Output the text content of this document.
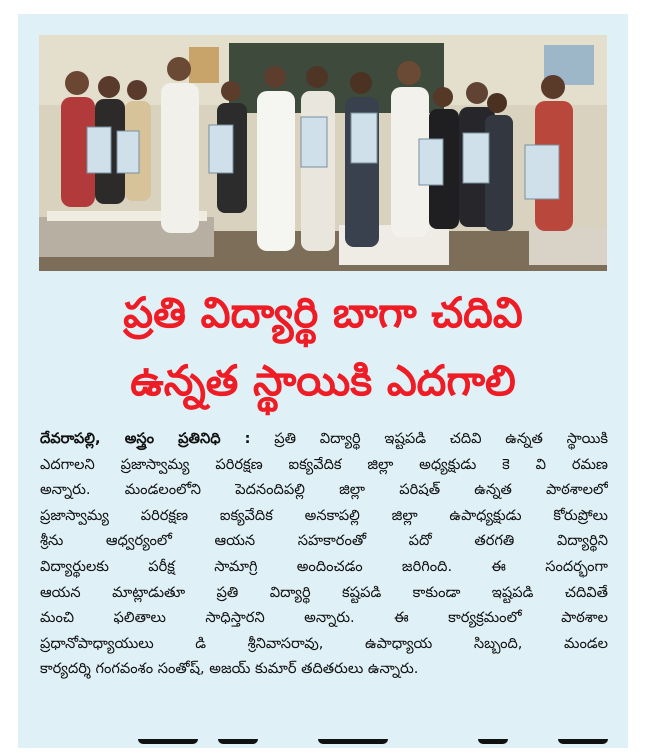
ప్రతి విద్యార్థి బాగా చదివి
ఉన్నత స్థాయికి ఎదగాలి
దేవరాపల్లి, అస్త్రం ప్రతినిధి : ప్రతి విద్యార్థి ఇష్టపడి చదివి ఉన్నత స్థాయికి
ఎదగాలని ప్రజాస్వామ్య పరిరక్షణ ఐక్యవేదిక జిల్లా అధ్యక్షుడు కె వి రమణ
అన్నారు. మండలంలోని పెదనందిపల్లి జిల్లా పరిషత్ ఉన్నత పాఠశాలలో
ప్రజాస్వామ్య పరిరక్షణ ఐక్యవేదిక అనకాపల్లి జిల్లా ఉపాధ్యక్షుడు కోరుప్రోలు
శ్రీను ఆధ్వర్యంలో ఆయన సహకారంతో పదో తరగతి విద్యార్థిని
విద్యార్థులకు పరీక్ష సామాగ్రి అందించడం జరిగింది. ఈ సందర్భంగా
ఆయన మాట్లాడుతూ ప్రతి విద్యార్థి కష్టపడి కాకుండా ఇష్టపడి చదివితే
మంచి ఫలితాలు సాధిస్తారని అన్నారు. ఈ కార్యక్రమంలో పాఠశాల
ప్రధానోపాధ్యాయులు డి శ్రీనివాసరావు, ఉపాధ్యాయ సిబ్బంది, మండల
కార్యదర్శి గంగవంశం సంతోష్, అజయ్ కుమార్ తదితరులు ఉన్నారు.
